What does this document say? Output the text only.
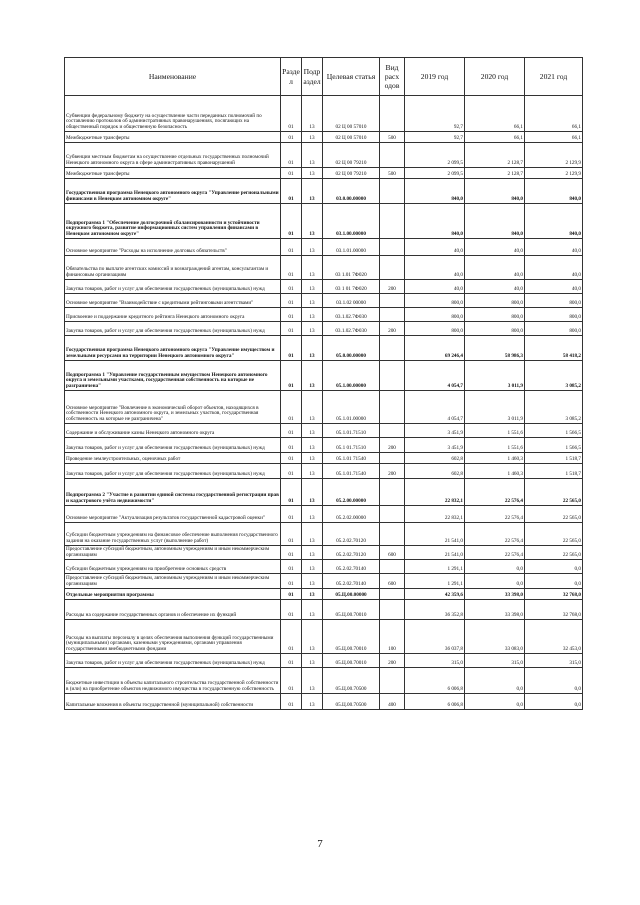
Наименование	Разде л	Подр аздел	Целевая статья	Вид расх одов	2019 год	2020 год	2021 год
Субвенции федеральному бюджету на осуществление части переданных полномочий по составлению протоколов об административных правонарушениях, посягающих на общественный порядок и общественную безопасность	01	13	02 Ц 00 57010		92,7	66,1	66,1
Межбюджетные трансферты	01	13	02 Ц 00 57010	500	92,7	66,1	66,1
Субвенции местным бюджетам на осуществление отдельных государственных полномочий Ненецкого автономного округа в сфере административных правонарушений	01	13	02 Ц 00 79210		2 099,5	2 128,7	2 129,9
Межбюджетные трансферты	01	13	02 Ц 00 79210	500	2 099,5	2 128,7	2 129,9
Государственная программа Ненецкого автономного округа "Управление региональными финансами в Ненецком автономном округе"	01	13	03.0.00.00000		840,0	840,0	840,0
Подпрограмма 1 "Обеспечение долгосрочной сбалансированности и устойчивости окружного бюджета, развитие информационных систем управления финансами в Ненецком автономном округе"	01	13	03.1.00.00000		840,0	840,0	840,0
Основное мероприятие "Расходы на исполнение долговых обязательств"	01	13	03.1.01.00000		40,0	40,0	40,0
Обязательства по выплате агентских комиссий и вознаграждений агентам, консультантам и финансовым организациям	01	13	03 1.01 7Ф020		40,0	40,0	40,0
Закупка товаров, работ и услуг для обеспечения государственных (муниципальных) нужд	01	13	03 1 01 7Ф020	200	40,0	40,0	40,0
Основное мероприятие "Взаимодействие с кредитными рейтинговыми агентствами"	01	13	03.1.02 00000		800,0	800,0	800,0
Присвоение и поддержание кредитного рейтинга Ненецкого автономного округа	01	13	03.1.02.7Ф030		800,0	800,0	800,0
Закупка товаров, работ и услуг для обеспечения государственных (муниципальных) нужд	01	13	03.1.02.7Ф030	200	800,0	800,0	800,0
Государственная программа Ненецкого автономного округа "Управление имуществом и земельными ресурсами на территории Ненецкого автономного округа"	01	13	05.0.00.00000		69 246,4	58 986,3	58 418,2
Подпрограмма 1 "Управление государственным имуществом Ненецкого автономного округа и земельными участками, государственная собственность на которые не разграничена"	01	13	05.1.00.00000		4 054,7	3 011,9	3 085,2
Основное мероприятие "Вовлечение в экономический оборот объектов, находящихся в собственности Ненецкого автономного округа, и земельных участков, государственная собственность на которые не разграничена"	01	13	05.1.01.00000		4 054,7	3 011,9	3 085,2
Содержание и обслуживание казны Ненецкого автономного округа	01	13	05.1.01.71510		3 451,9	1 551,6	1 566,5
Закупка товаров, работ и услуг для обеспечения государственных (муниципальных) нужд	01	13	05.1 01.71510	200	3 451,9	1 551,6	1 566,5
Проведение землеустроительных, оценочных работ	01	13	05.1.01 71540		602,8	1 460,3	1 518,7
Закупка товаров, работ и услуг для обеспечения государственных (муниципальных) нужд	01	13	05.1.01.71540	200	602,8	1 460,3	1 518,7
Подпрограмма 2 "Участие в развитии единой системы государственной регистрации прав и кадастрового учёта недвижимости"	01	13	05.2.00.00000		22 832,1	22 576,4	22 565,0
Основное мероприятие "Актуализация результатов государственной кадастровой оценки"	01	13	05.2.02.00000		22 832,1	22 576,4	22 565,0
Субсидии бюджетным учреждениям на финансовое обеспечение выполнения государственного задания на оказание государственных услуг (выполнение работ)	01	13	05.2.02.70120		21 541,0	22 576,4	22 565,0
Предоставление субсидий бюджетным, автономным учреждениям и иным некоммерческим организациям	01	13	05.2.02.70120	600	21 541,0	22 576,4	22 565,0
Субсидии бюджетным учреждениям на приобретение основных средств	01	13	05.2.02.70140		1 291,1	0,0	0,0
Предоставление субсидий бюджетным, автономным учреждениям и иным некоммерческим организациям	01	13	05.2.02.70140	600	1 291,1	0,0	0,0
Отдельные мероприятия программы	01	13	05.Ц.00.00000		42 359,6	33 398,0	32 768,0
Расходы на содержание государственных органов и обеспечение их функций	01	13	05.Ц.00.70010		36 352,8	33 398,0	32 768,0
Расходы на выплаты персоналу в целях обеспечения выполнения функций государственными (муниципальными) органами, казенными учреждениями, органами управления государственными внебюджетными фондами	01	13	05.Ц.00.70010	100	36 037,8	33 083,0	32 453,0
Закупка товаров, работ и услуг для обеспечения государственных (муниципальных) нужд	01	13	05.Ц.00.70010	200	315,0	315,0	315,0
Бюджетные инвестиции в объекты капитального строительства государственной собственности в (или) на приобретение объектов недвижимого имущества в государственную собственность	01	13	05.Ц.00.70500		6 006,8	0,0	0,0
Капитальные вложения в объекты государственной (муниципальной) собственности	01	13	05.Ц.00.70500	400	6 006,8	0,0	0,0
7
